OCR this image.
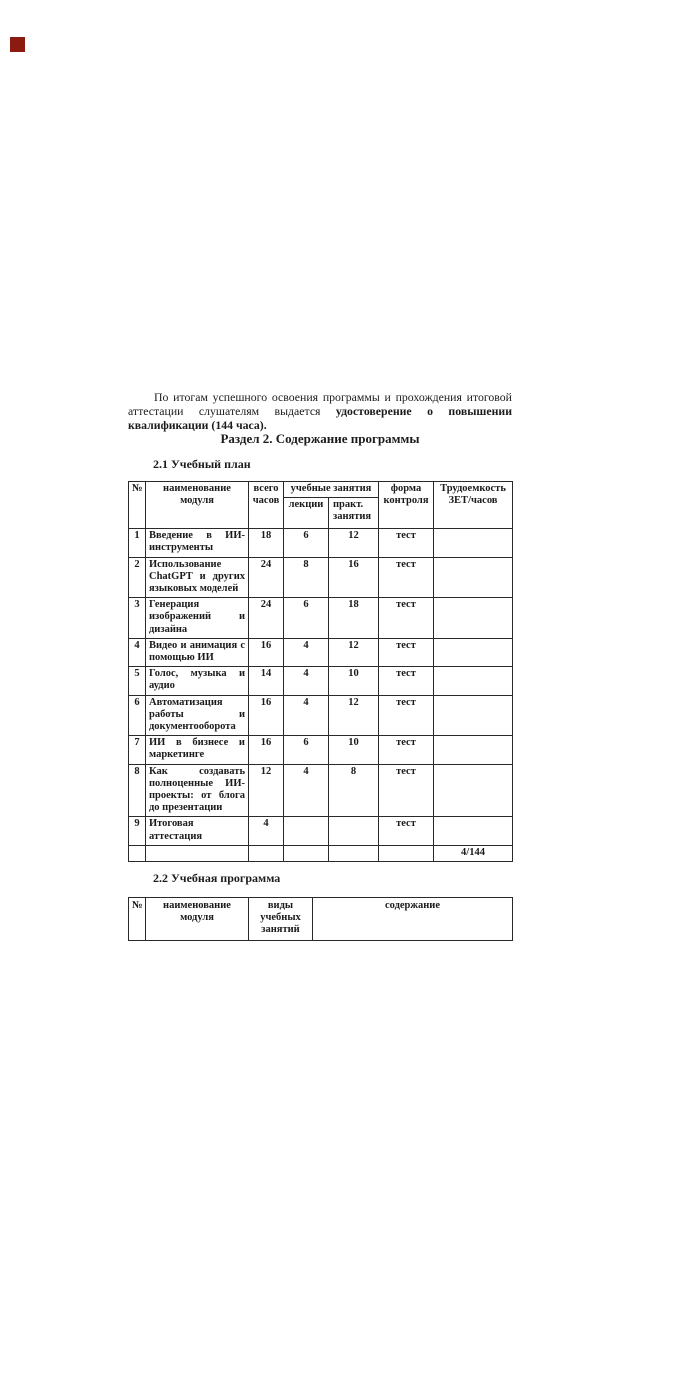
По итогам успешного освоения программы и прохождения итоговой аттестации слушателям выдается удостоверение о повышении квалификации (144 часа).

Раздел 2. Содержание программы
2.1 Учебный план
№	наименование модуля	всего часов	учебные занятия		форма контроля	Трудоемкость ЗЕТ/часов
			лекции	практ. занятия		
1	Введение в ИИ-инструменты	18	6	12	тест	
2	Использование ChatGPT и других языковых моделей	24	8	16	тест	
3	Генерация изображений и дизайна	24	6	18	тест	
4	Видео и анимация с помощью ИИ	16	4	12	тест	
5	Голос, музыка и аудио	14	4	10	тест	
6	Автоматизация работы и документооборота	16	4	12	тест	
7	ИИ в бизнесе и маркетинге	16	6	10	тест	
8	Как создавать полноценные ИИ-проекты: от блога до презентации	12	4	8	тест	
9	Итоговая аттестация	4			тест	
						4/144
2.2 Учебная программа
№	наименование модуля	виды учебных занятий	содержание
